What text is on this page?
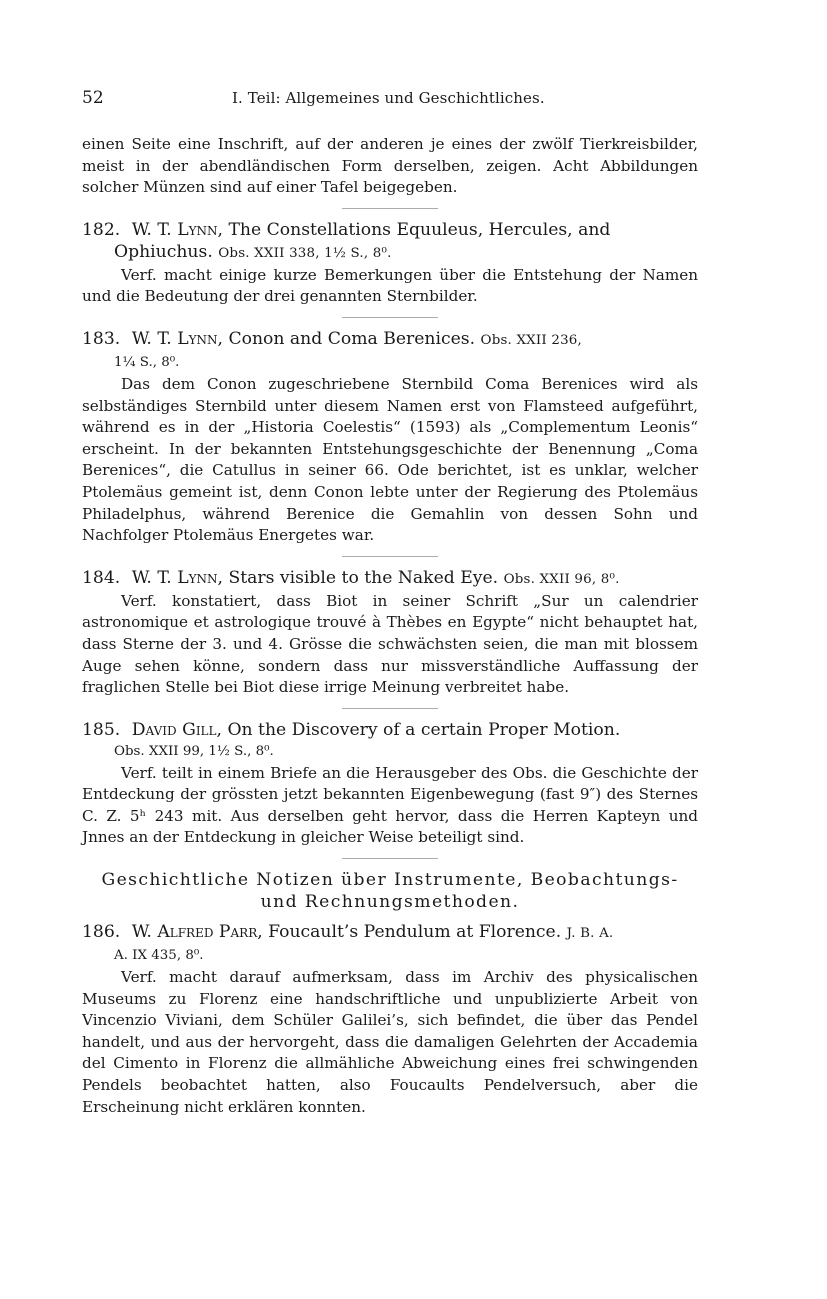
52	I. Teil: Allgemeines und Geschichtliches.

einen Seite eine Inschrift, auf der anderen je eines der zwölf Tierkreisbilder, meist in der abendländischen Form derselben, zeigen. Acht Abbildungen solcher Münzen sind auf einer Tafel beigegeben.

182. W. T. Lynn, The Constellations Equuleus, Hercules, and
Ophiuchus. Obs. XXII 338, 1½ S., 8⁰.

Verf. macht einige kurze Bemerkungen über die Entstehung der Namen und die Bedeutung der drei genannten Sternbilder.

183. W. T. Lynn, Conon and Coma Berenices. Obs. XXII 236,
1¼ S., 8⁰.

Das dem Conon zugeschriebene Sternbild Coma Berenices wird als selbständiges Sternbild unter diesem Namen erst von Flamsteed aufgeführt, während es in der „Historia Coelestis“ (1593) als „Complementum Leonis“ erscheint. In der bekannten Entstehungsgeschichte der Benennung „Coma Berenices“, die Catullus in seiner 66. Ode berichtet, ist es unklar, welcher Ptolemäus gemeint ist, denn Conon lebte unter der Regierung des Ptolemäus Philadelphus, während Berenice die Gemahlin von dessen Sohn und Nachfolger Ptolemäus Energetes war.

184. W. T. Lynn, Stars visible to the Naked Eye. Obs. XXII 96, 8⁰.

Verf. konstatiert, dass Biot in seiner Schrift „Sur un calendrier astronomique et astrologique trouvé à Thèbes en Egypte“ nicht behauptet hat, dass Sterne der 3. und 4. Grösse die schwächsten seien, die man mit blossem Auge sehen könne, sondern dass nur missverständliche Auffassung der fraglichen Stelle bei Biot diese irrige Meinung verbreitet habe.

185. David Gill, On the Discovery of a certain Proper Motion.
Obs. XXII 99, 1½ S., 8⁰.

Verf. teilt in einem Briefe an die Herausgeber des Obs. die Geschichte der Entdeckung der grössten jetzt bekannten Eigenbewegung (fast 9″) des Sternes C. Z. 5ʰ 243 mit. Aus derselben geht hervor, dass die Herren Kapteyn und Jnnes an der Entdeckung in gleicher Weise beteiligt sind.

Geschichtliche Notizen über Instrumente, Beobachtungs-
und Rechnungsmethoden.
186. W. Alfred Parr, Foucault’s Pendulum at Florence. J. B. A.
A. IX 435, 8⁰.

Verf. macht darauf aufmerksam, dass im Archiv des physicalischen Museums zu Florenz eine handschriftliche und unpublizierte Arbeit von Vincenzio Viviani, dem Schüler Galilei’s, sich befindet, die über das Pendel handelt, und aus der hervorgeht, dass die damaligen Gelehrten der Accademia del Cimento in Florenz die allmähliche Abweichung eines frei schwingenden Pendels beobachtet hatten, also Foucaults Pendelversuch, aber die Erscheinung nicht erklären konnten.
